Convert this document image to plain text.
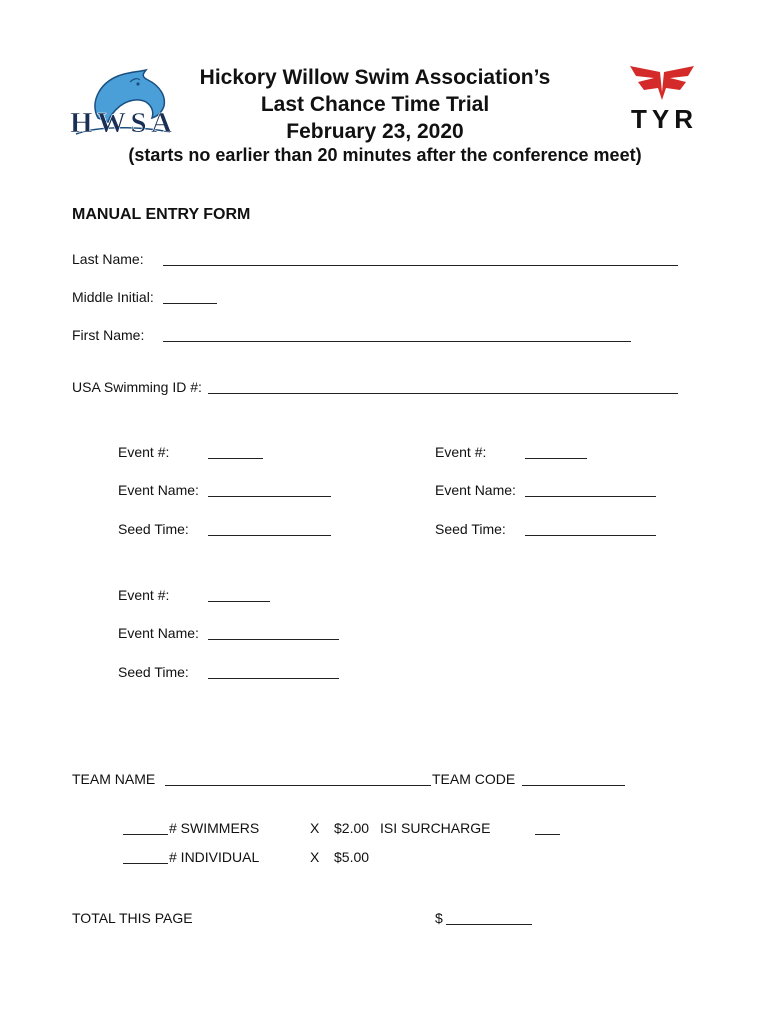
HWSA
Hickory Willow Swim Association’s
Last Chance Time Trial
February 23, 2020	TYR
(starts no earlier than 20 minutes after the conference meet)
MANUAL ENTRY FORM
Last Name:
Middle Initial:
First Name:
USA Swimming ID #:
Event #:
Event Name:
Seed Time:
Event #:
Event Name:
Seed Time:
Event #:
Event Name:
Seed Time:
TEAM NAME	TEAM CODE
# SWIMMERS	X $2.00 ISI SURCHARGE
# INDIVIDUAL	X $5.00
TOTAL THIS PAGE	$
